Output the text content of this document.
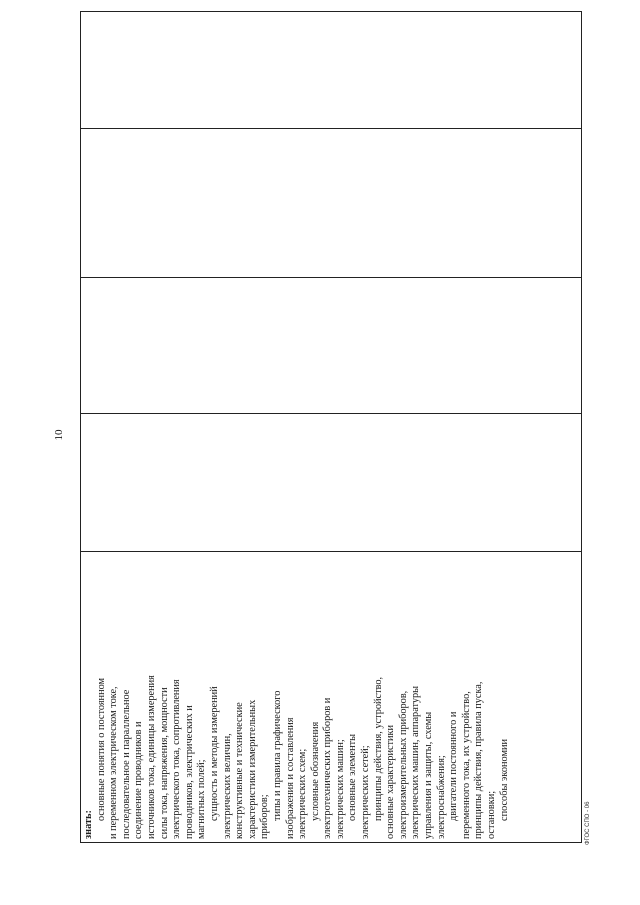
10
знать:
основные понятия о постоянном и переменном электрическом токе, последовательное и параллельное соединение проводников и источников тока, единицы измерения силы тока, напряжения, мощности электрического тока, сопротивления проводников, электрических и магнитных полей; сущность и методы измерений электрических величин, конструктивные и технические характеристики измерительных приборов; типы и правила графического изображения и составления электрических схем; условные обозначения электротехнических приборов и электрических машин; основные элементы электрических сетей; принципы действия, устройство, основные характеристики электроизмерительных приборов, электрических машин, аппаратуры управления и защиты, схемы электроснабжения; двигатели постоянного и переменного тока, их устройство, принципы действия, правила пуска, остановки; способы экономии

ФГОС СПО - 06
